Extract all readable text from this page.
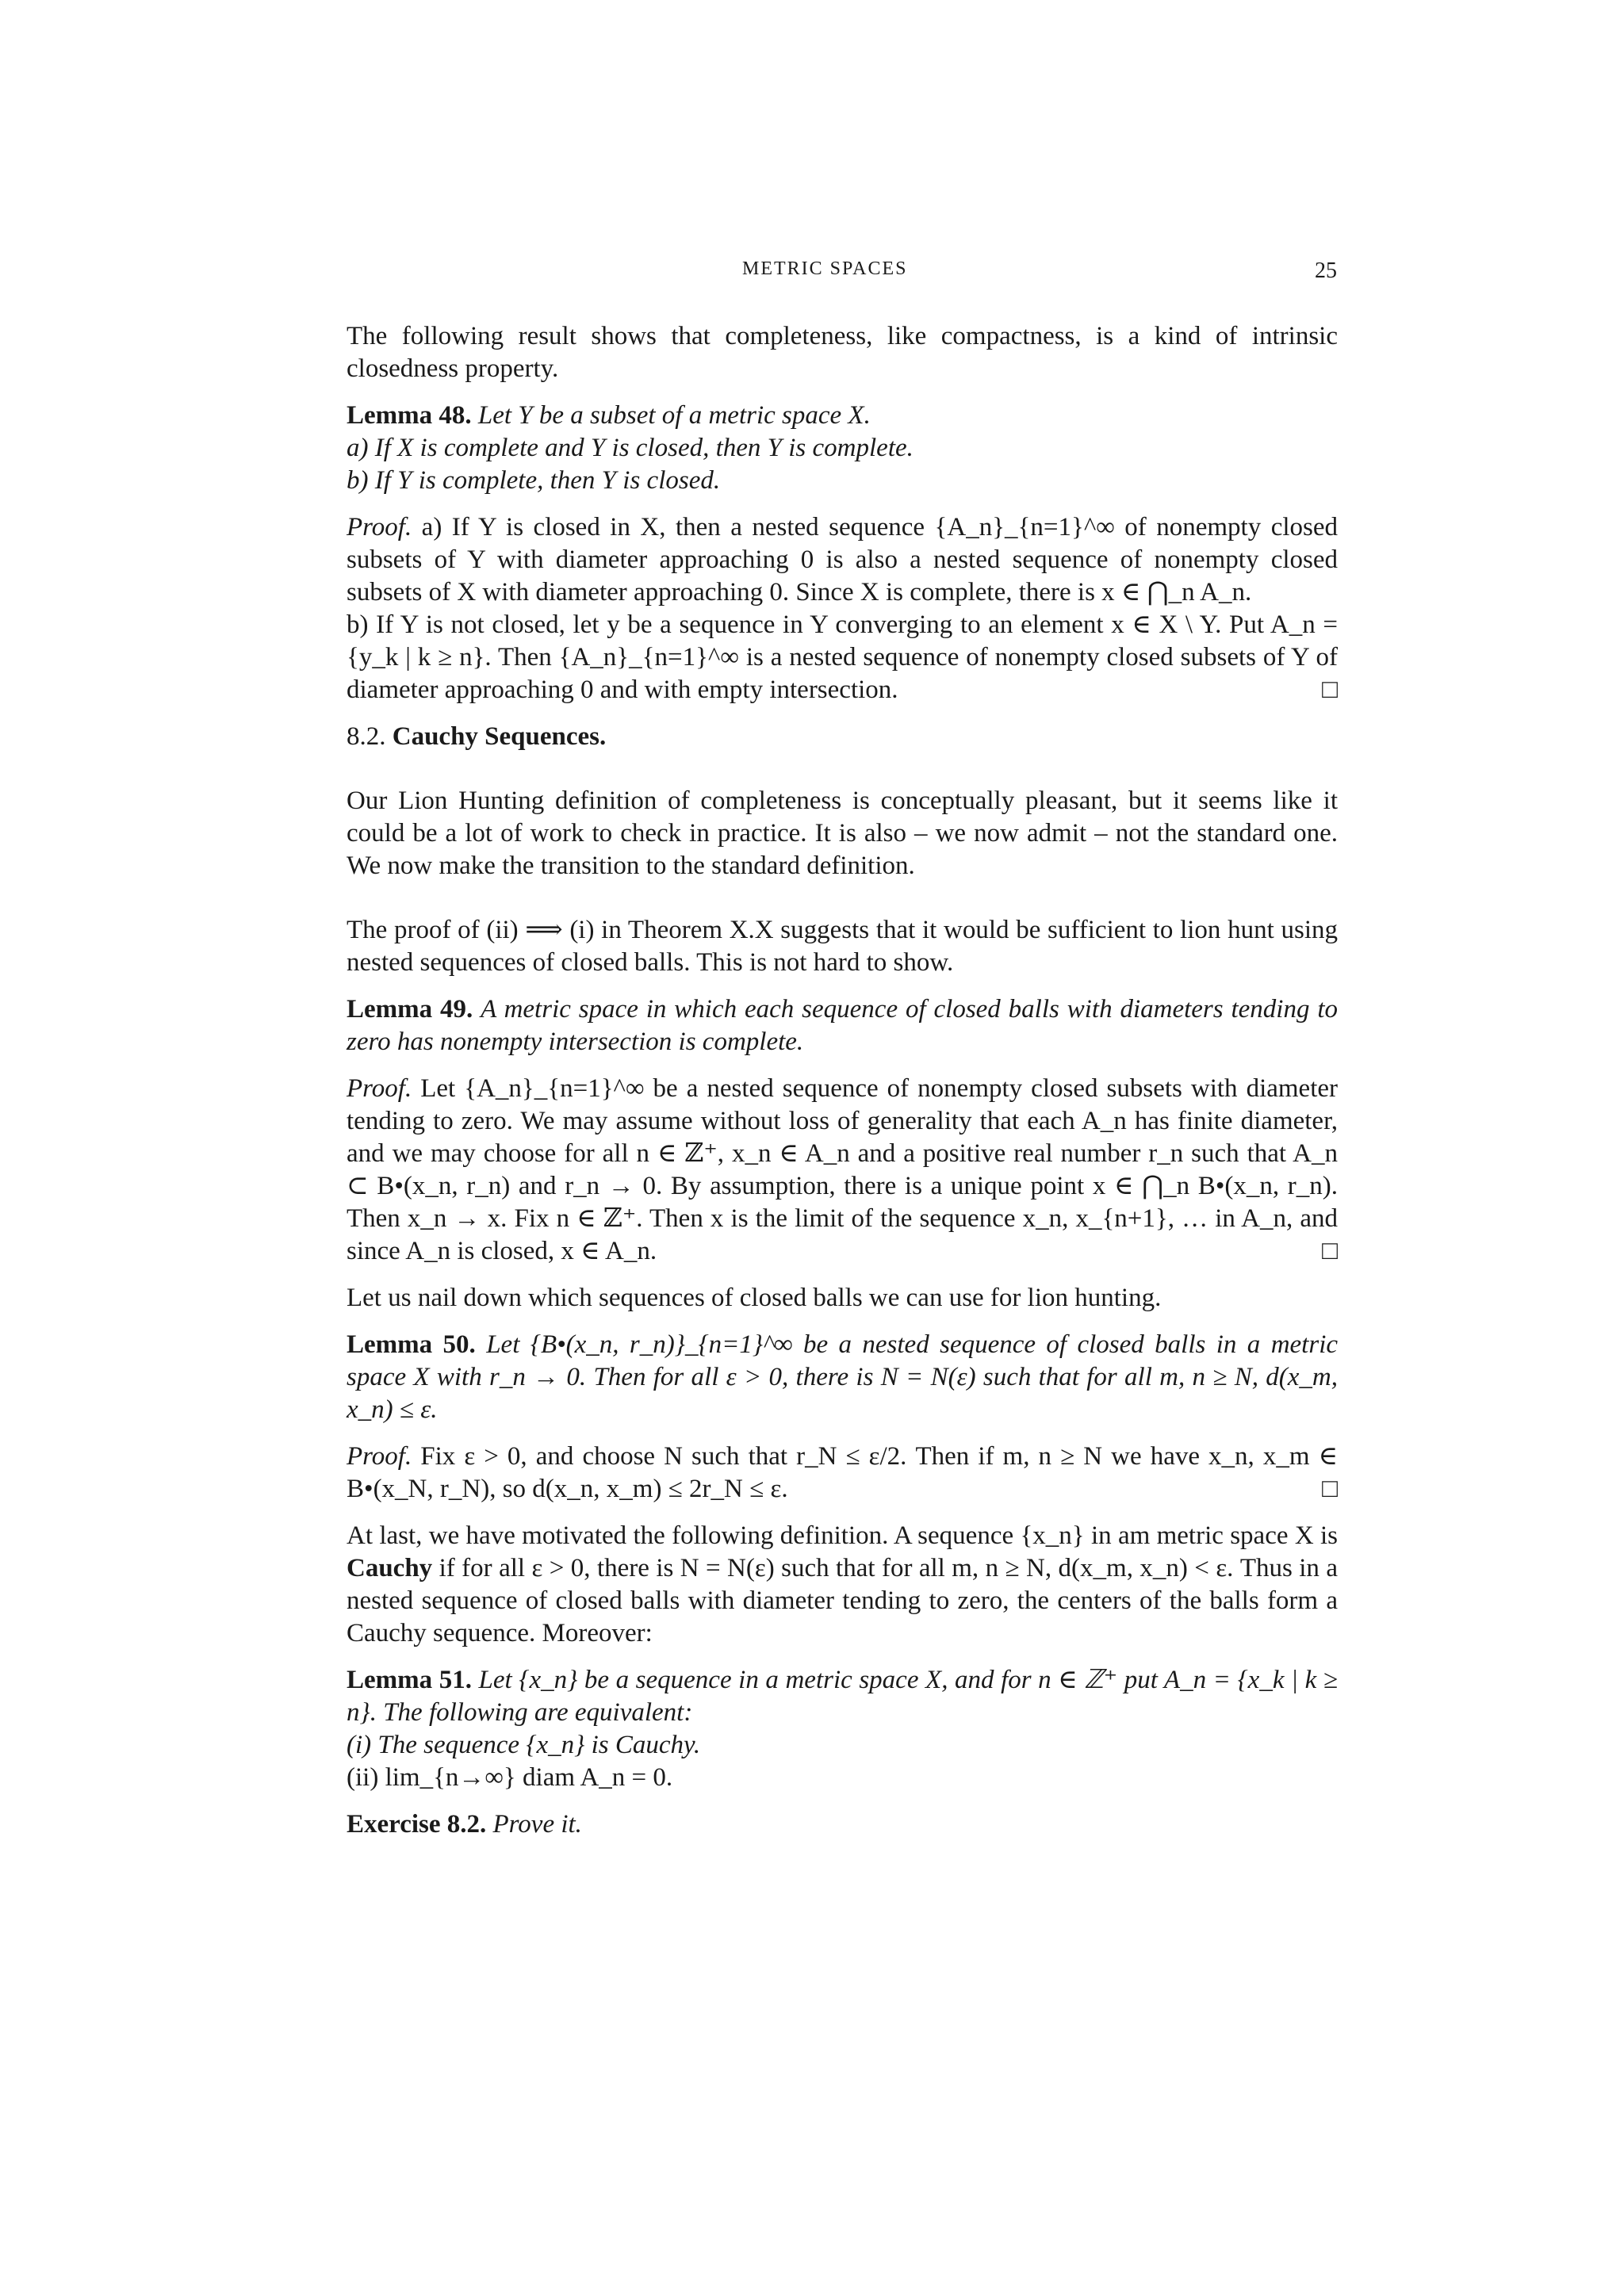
METRIC SPACES	25

The following result shows that completeness, like compactness, is a kind of intrinsic closedness property.

Lemma 48. Let Y be a subset of a metric space X.
a) If X is complete and Y is closed, then Y is complete.
b) If Y is complete, then Y is closed.

Proof. a) If Y is closed in X, then a nested sequence {A_n}_{n=1}^∞ of nonempty closed subsets of Y with diameter approaching 0 is also a nested sequence of nonempty closed subsets of X with diameter approaching 0. Since X is complete, there is x ∈ ⋂_n A_n.
b) If Y is not closed, let y be a sequence in Y converging to an element x ∈ X \ Y. Put A_n = {y_k | k ≥ n}. Then {A_n}_{n=1}^∞ is a nested sequence of nonempty closed subsets of Y of diameter approaching 0 and with empty intersection.	□

8.2. Cauchy Sequences.

Our Lion Hunting definition of completeness is conceptually pleasant, but it seems like it could be a lot of work to check in practice. It is also – we now admit – not the standard one. We now make the transition to the standard definition.

The proof of (ii) ⟹ (i) in Theorem X.X suggests that it would be sufficient to lion hunt using nested sequences of closed balls. This is not hard to show.

Lemma 49. A metric space in which each sequence of closed balls with diameters tending to zero has nonempty intersection is complete.

Proof. Let {A_n}_{n=1}^∞ be a nested sequence of nonempty closed subsets with diameter tending to zero. We may assume without loss of generality that each A_n has finite diameter, and we may choose for all n ∈ ℤ⁺, x_n ∈ A_n and a positive real number r_n such that A_n ⊂ B•(x_n, r_n) and r_n → 0. By assumption, there is a unique point x ∈ ⋂_n B•(x_n, r_n). Then x_n → x. Fix n ∈ ℤ⁺. Then x is the limit of the sequence x_n, x_{n+1}, … in A_n, and since A_n is closed, x ∈ A_n.	□

Let us nail down which sequences of closed balls we can use for lion hunting.

Lemma 50. Let {B•(x_n, r_n)}_{n=1}^∞ be a nested sequence of closed balls in a metric space X with r_n → 0. Then for all ε > 0, there is N = N(ε) such that for all m, n ≥ N, d(x_m, x_n) ≤ ε.

Proof. Fix ε > 0, and choose N such that r_N ≤ ε/2. Then if m, n ≥ N we have x_n, x_m ∈ B•(x_N, r_N), so d(x_n, x_m) ≤ 2r_N ≤ ε.	□

At last, we have motivated the following definition. A sequence {x_n} in am metric space X is Cauchy if for all ε > 0, there is N = N(ε) such that for all m, n ≥ N, d(x_m, x_n) < ε. Thus in a nested sequence of closed balls with diameter tending to zero, the centers of the balls form a Cauchy sequence. Moreover:

Lemma 51. Let {x_n} be a sequence in a metric space X, and for n ∈ ℤ⁺ put A_n = {x_k | k ≥ n}. The following are equivalent:
(i) The sequence {x_n} is Cauchy.
(ii) lim_{n→∞} diam A_n = 0.

Exercise 8.2. Prove it.
